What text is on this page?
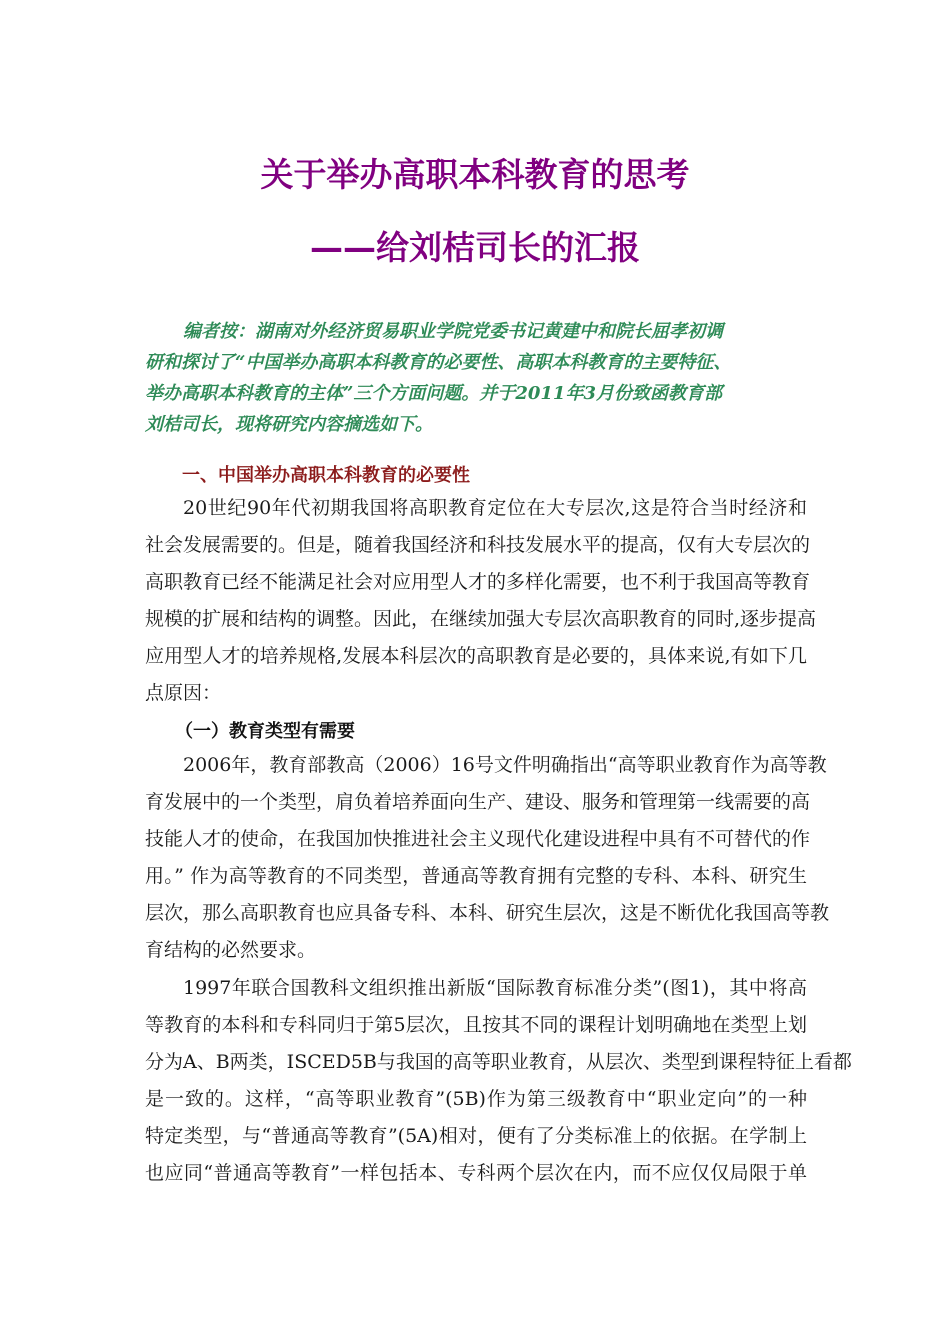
关于举办高职本科教育的思考
——给刘桔司长的汇报
编者按：湖南对外经济贸易职业学院党委书记黄建中和院长屈孝初调
研和探讨了“中国举办高职本科教育的必要性、高职本科教育的主要特征、
举办高职本科教育的主体”三个方面问题。并于2011年3月份致函教育部
刘桔司长，现将研究内容摘选如下。
一、中国举办高职本科教育的必要性
20世纪90年代初期我国将高职教育定位在大专层次,这是符合当时经济和
社会发展需要的。但是，随着我国经济和科技发展水平的提高，仅有大专层次的
高职教育已经不能满足社会对应用型人才的多样化需要，也不利于我国高等教育
规模的扩展和结构的调整。因此，在继续加强大专层次高职教育的同时,逐步提高
应用型人才的培养规格,发展本科层次的高职教育是必要的，具体来说,有如下几
点原因：
（一）教育类型有需要
2006年，教育部教高（2006）16号文件明确指出“高等职业教育作为高等教
育发展中的一个类型，肩负着培养面向生产、建设、服务和管理第一线需要的高
技能人才的使命，在我国加快推进社会主义现代化建设进程中具有不可替代的作
用。” 作为高等教育的不同类型，普通高等教育拥有完整的专科、本科、研究生
层次，那么高职教育也应具备专科、本科、研究生层次，这是不断优化我国高等教
育结构的必然要求。
1997年联合国教科文组织推出新版“国际教育标准分类”(图1)，其中将高
等教育的本科和专科同归于第5层次，且按其不同的课程计划明确地在类型上划
分为A、B两类，ISCED5B与我国的高等职业教育，从层次、类型到课程特征上看都
是一致的。这样，“高等职业教育”(5B)作为第三级教育中“职业定向”的一种
特定类型，与“普通高等教育”(5A)相对，便有了分类标准上的依据。在学制上
也应同“普通高等教育”一样包括本、专科两个层次在内，而不应仅仅局限于单
